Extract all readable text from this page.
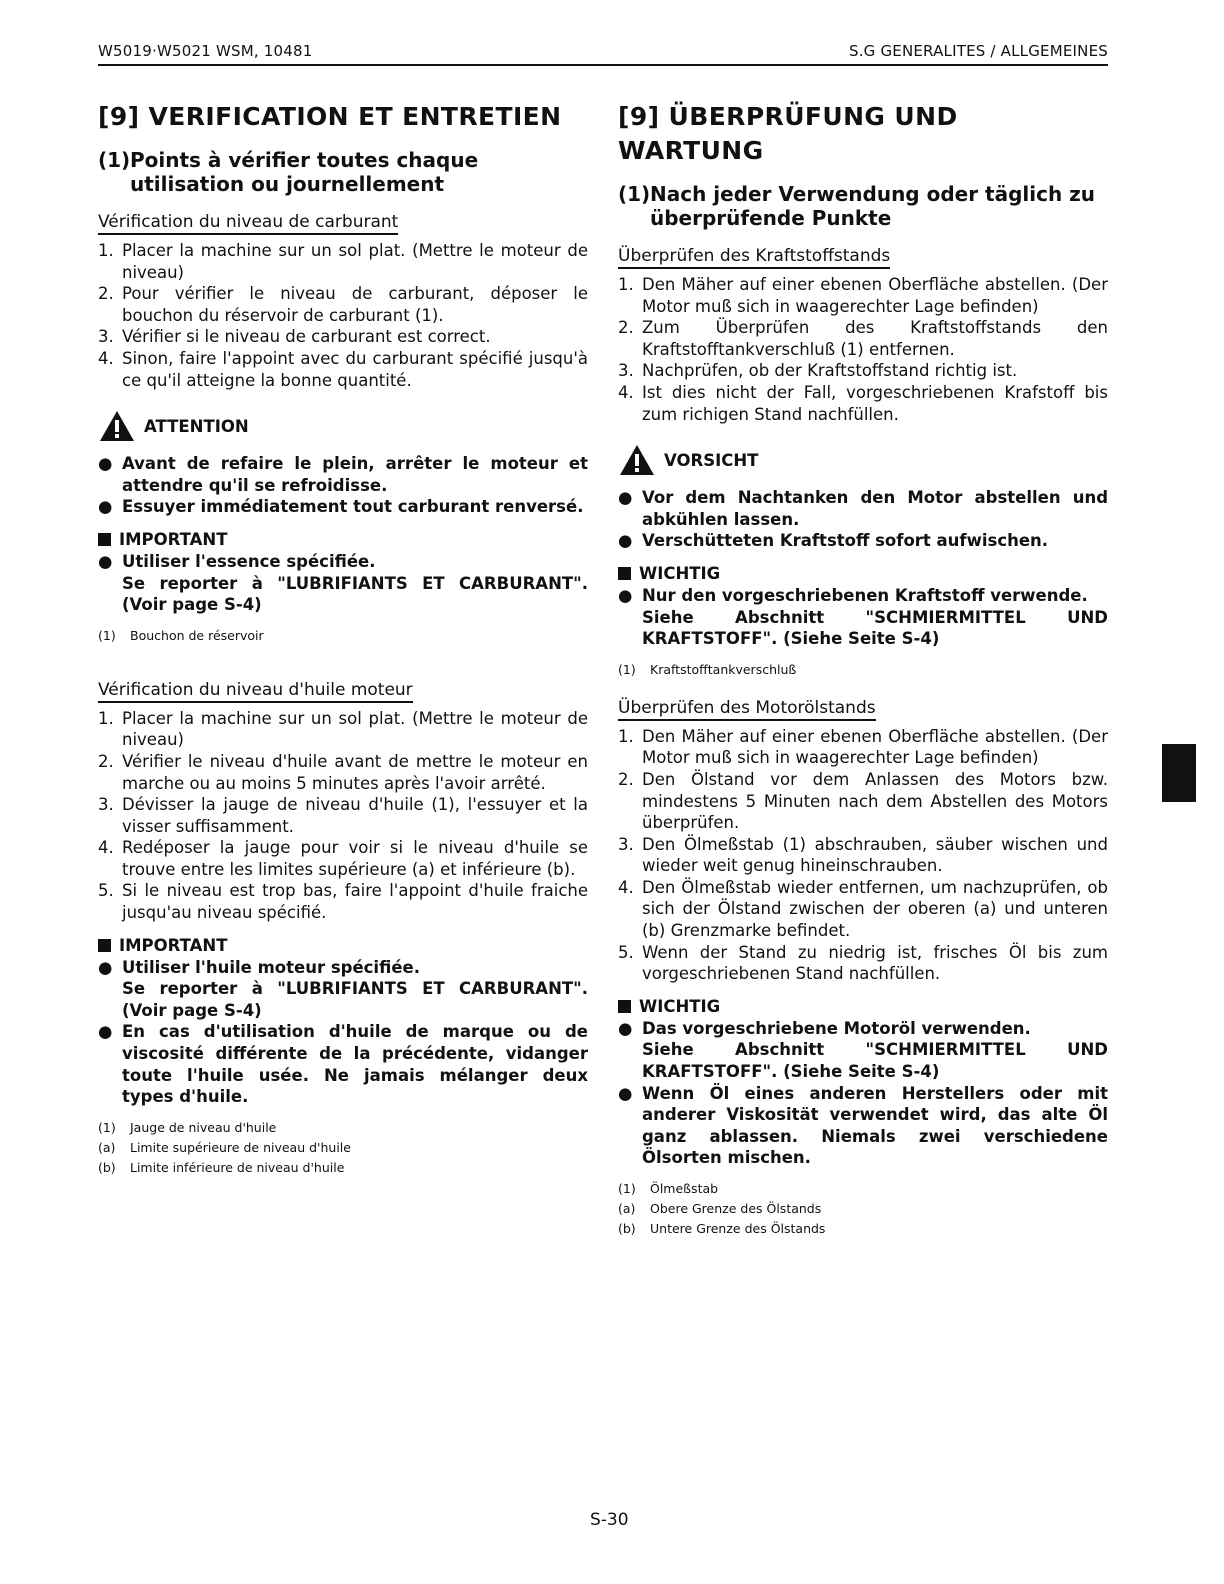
W5019·W5021 WSM, 10481	S.G GENERALITES / ALLGEMEINES
[9] VERIFICATION ET ENTRETIEN
(1) Points à vérifier toutes chaque utilisation ou journellement
Vérification du niveau de carburant
1. Placer la machine sur un sol plat. (Mettre le moteur de niveau)
2. Pour vérifier le niveau de carburant, déposer le bouchon du réservoir de carburant (1).
3. Vérifier si le niveau de carburant est correct.
4. Sinon, faire l'appoint avec du carburant spécifié jusqu'à ce qu'il atteigne la bonne quantité.
ATTENTION
● Avant de refaire le plein, arrêter le moteur et attendre qu'il se refroidisse.
● Essuyer immédiatement tout carburant renversé.
IMPORTANT
● Utiliser l'essence spécifiée.
Se reporter à "LUBRIFIANTS ET CARBURANT". (Voir page S-4)
(1)	Bouchon de réservoir
Vérification du niveau d'huile moteur
1. Placer la machine sur un sol plat. (Mettre le moteur de niveau)
2. Vérifier le niveau d'huile avant de mettre le moteur en marche ou au moins 5 minutes après l'avoir arrêté.
3. Dévisser la jauge de niveau d'huile (1), l'essuyer et la visser suffisamment.
4. Redéposer la jauge pour voir si le niveau d'huile se trouve entre les limites supérieure (a) et inférieure (b).
5. Si le niveau est trop bas, faire l'appoint d'huile fraiche jusqu'au niveau spécifié.
IMPORTANT
● Utiliser l'huile moteur spécifiée.
Se reporter à "LUBRIFIANTS ET CARBURANT". (Voir page S-4)
● En cas d'utilisation d'huile de marque ou de viscosité différente de la précédente, vidanger toute l'huile usée. Ne jamais mélanger deux types d'huile.
(1)	Jauge de niveau d'huile
(a)	Limite supérieure de niveau d'huile
(b)	Limite inférieure de niveau d'huile
[9] ÜBERPRÜFUNG UND WARTUNG
(1) Nach jeder Verwendung oder täglich zu überprüfende Punkte
Überprüfen des Kraftstoffstands
1. Den Mäher auf einer ebenen Oberfläche abstellen. (Der Motor muß sich in waagerechter Lage befinden)
2. Zum Überprüfen des Kraftstoffstands den Kraftstofftankverschluß (1) entfernen.
3. Nachprüfen, ob der Kraftstoffstand richtig ist.
4. Ist dies nicht der Fall, vorgeschriebenen Krafstoff bis zum richigen Stand nachfüllen.
VORSICHT
● Vor dem Nachtanken den Motor abstellen und abkühlen lassen.
● Verschütteten Kraftstoff sofort aufwischen.
WICHTIG
● Nur den vorgeschriebenen Kraftstoff verwende.
Siehe Abschnitt "SCHMIERMITTEL UND KRAFTSTOFF". (Siehe Seite S-4)
(1)	Kraftstofftankverschluß
Überprüfen des Motorölstands
1. Den Mäher auf einer ebenen Oberfläche abstellen. (Der Motor muß sich in waagerechter Lage befinden)
2. Den Ölstand vor dem Anlassen des Motors bzw. mindestens 5 Minuten nach dem Abstellen des Motors überprüfen.
3. Den Ölmeßstab (1) abschrauben, säuber wischen und wieder weit genug hineinschrauben.
4. Den Ölmeßstab wieder entfernen, um nachzuprüfen, ob sich der Ölstand zwischen der oberen (a) und unteren (b) Grenzmarke befindet.
5. Wenn der Stand zu niedrig ist, frisches Öl bis zum vorgeschriebenen Stand nachfüllen.
WICHTIG
● Das vorgeschriebene Motoröl verwenden.
Siehe Abschnitt "SCHMIERMITTEL UND KRAFTSTOFF". (Siehe Seite S-4)
● Wenn Öl eines anderen Herstellers oder mit anderer Viskosität verwendet wird, das alte Öl ganz ablassen. Niemals zwei verschiedene Ölsorten mischen.
(1)	Ölmeßstab
(a)	Obere Grenze des Ölstands
(b)	Untere Grenze des Ölstands
S-30
